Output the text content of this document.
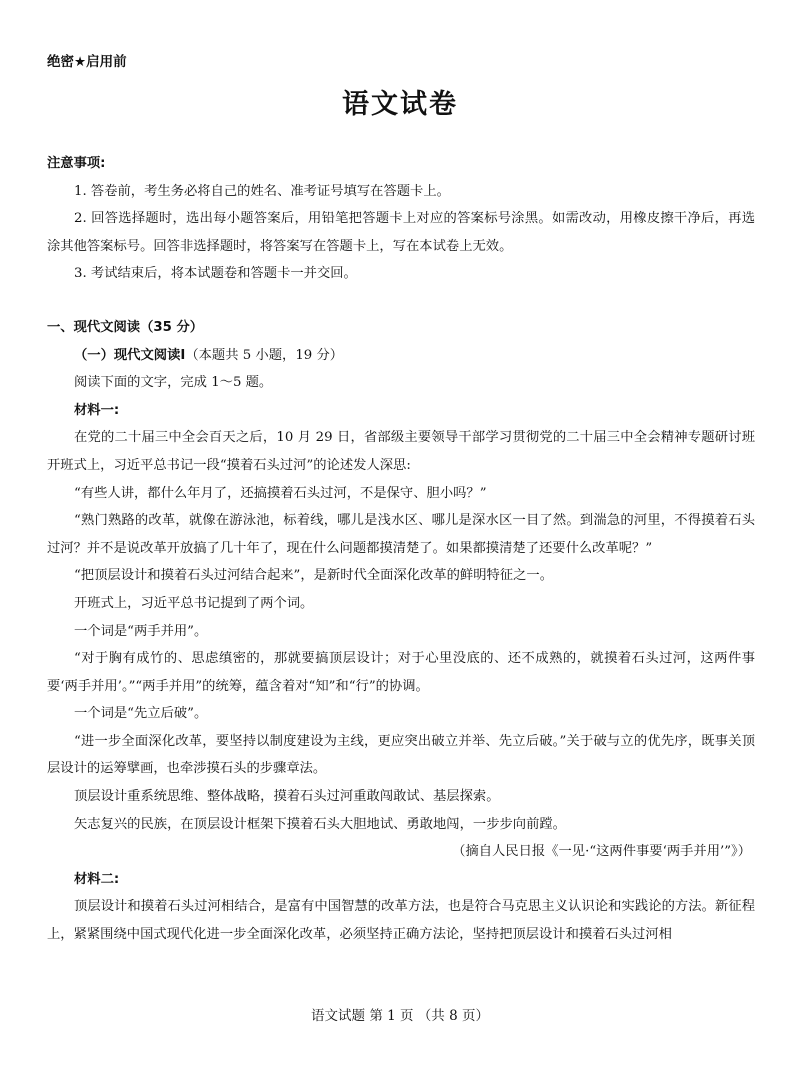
绝密★启用前
语文试卷

注意事项:

1. 答卷前，考生务必将自己的姓名、准考证号填写在答题卡上。

2. 回答选择题时，选出每小题答案后，用铅笔把答题卡上对应的答案标号涂黑。如需改动，用橡皮擦干净后，再选涂其他答案标号。回答非选择题时，将答案写在答题卡上，写在本试卷上无效。

3. 考试结束后，将本试题卷和答题卡一并交回。

一、现代文阅读（35 分）

（一）现代文阅读Ⅰ（本题共 5 小题，19 分）

阅读下面的文字，完成 1～5 题。

材料一:

在党的二十届三中全会百天之后，10 月 29 日，省部级主要领导干部学习贯彻党的二十届三中全会精神专题研讨班开班式上，习近平总书记一段“摸着石头过河”的论述发人深思:

“有些人讲，都什么年月了，还搞摸着石头过河，不是保守、胆小吗？”

“熟门熟路的改革，就像在游泳池，标着线，哪儿是浅水区、哪儿是深水区一目了然。到湍急的河里，不得摸着石头过河？并不是说改革开放搞了几十年了，现在什么问题都摸清楚了。如果都摸清楚了还要什么改革呢？”

“把顶层设计和摸着石头过河结合起来”，是新时代全面深化改革的鲜明特征之一。

开班式上，习近平总书记提到了两个词。

一个词是“两手并用”。

“对于胸有成竹的、思虑缜密的，那就要搞顶层设计；对于心里没底的、还不成熟的，就摸着石头过河，这两件事要‘两手并用’。”“两手并用”的统筹，蕴含着对“知”和“行”的协调。

一个词是“先立后破”。

“进一步全面深化改革，要坚持以制度建设为主线，更应突出破立并举、先立后破。”关于破与立的优先序，既事关顶层设计的运筹擘画，也牵涉摸石头的步骤章法。

顶层设计重系统思维、整体战略，摸着石头过河重敢闯敢试、基层探索。

矢志复兴的民族，在顶层设计框架下摸着石头大胆地试、勇敢地闯，一步步向前蹚。

（摘自人民日报《一见·“这两件事要‘两手并用’”》）

材料二:

顶层设计和摸着石头过河相结合，是富有中国智慧的改革方法，也是符合马克思主义认识论和实践论的方法。新征程上，紧紧围绕中国式现代化进一步全面深化改革，必须坚持正确方法论，坚持把顶层设计和摸着石头过河相

语文试题 第 1 页 （共 8 页）
